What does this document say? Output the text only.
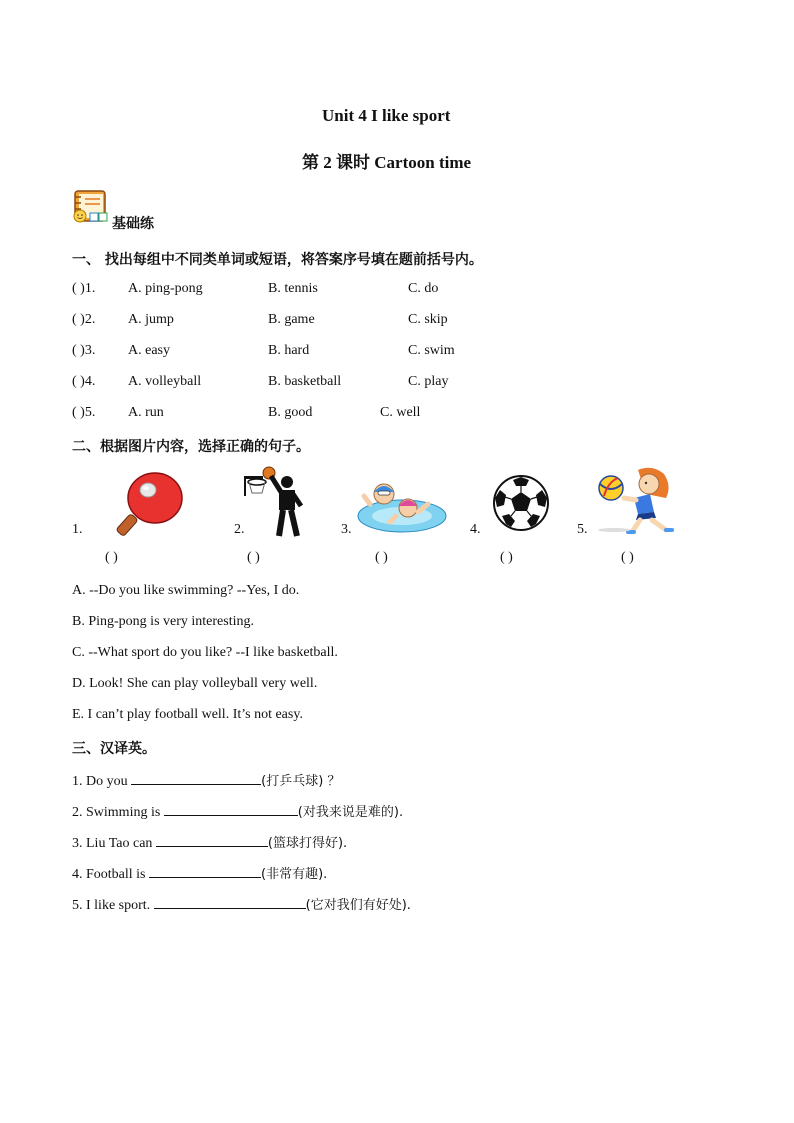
Unit 4 I like sport
第 2 课时 Cartoon time
基础练
一、 找出每组中不同类单词或短语，将答案序号填在题前括号内。
( )1. A. ping-pong	B. tennis	C. do
( )2. A. jump	B. game	C. skip
( )3. A. easy	B. hard	C. swim
( )4. A. volleyball	B. basketball	C. play
( )5. A. run	B. good	C. well
二、根据图片内容，选择正确的句子。
1.
( )
2.
( )
3.
( )
4.
( )
5.
( )
A. --Do you like swimming? --Yes, I do.
B. Ping-pong is very interesting.
C. --What sport do you like? --I like basketball.
D. Look! She can play volleyball very well.
E. I can’t play football well. It’s not easy.
三、汉译英。
1. Do you	(打乒乓球) ？
2. Swimming is	(对我来说是难的).
3. Liu Tao can	(篮球打得好).
4. Football is	(非常有趣).
5. I like sport.	(它对我们有好处).
